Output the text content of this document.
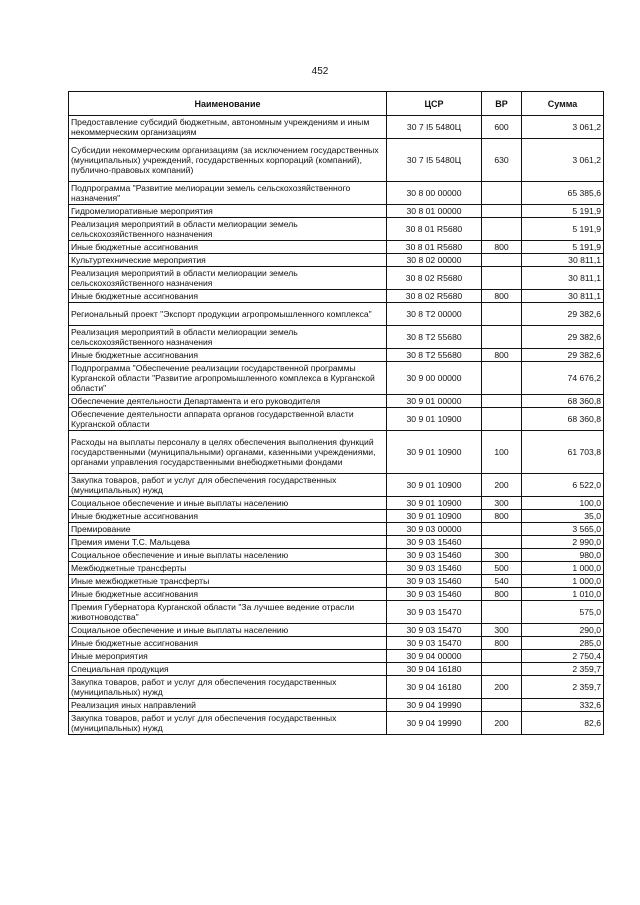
452
Наименование	ЦСР	ВР	Сумма
Предоставление субсидий бюджетным, автономным учреждениям и иным некоммерческим организациям	30 7 I5 5480Ц	600	3 061,2
Субсидии некоммерческим организациям (за исключением государственных (муниципальных) учреждений, государственных корпораций (компаний), публично-правовых компаний)	30 7 I5 5480Ц	630	3 061,2
Подпрограмма "Развитие мелиорации земель сельскохозяйственного назначения"	30 8 00 00000		65 385,6
Гидромелиоративные мероприятия	30 8 01 00000		5 191,9
Реализация мероприятий в области мелиорации земель сельскохозяйственного назначения	30 8 01 R5680		5 191,9
Иные бюджетные ассигнования	30 8 01 R5680	800	5 191,9
Культуртехнические мероприятия	30 8 02 00000		30 811,1
Реализация мероприятий в области мелиорации земель сельскохозяйственного назначения	30 8 02 R5680		30 811,1
Иные бюджетные ассигнования	30 8 02 R5680	800	30 811,1
Региональный проект "Экспорт продукции агропромышленного комплекса"	30 8 T2 00000		29 382,6
Реализация мероприятий в области мелиорации земель сельскохозяйственного назначения	30 8 T2 55680		29 382,6
Иные бюджетные ассигнования	30 8 T2 55680	800	29 382,6
Подпрограмма "Обеспечение реализации государственной программы Курганской области "Развитие агропромышленного комплекса в Курганской области"	30 9 00 00000		74 676,2
Обеспечение деятельности Департамента и его руководителя	30 9 01 00000		68 360,8
Обеспечение деятельности аппарата органов государственной власти Курганской области	30 9 01 10900		68 360,8
Расходы на выплаты персоналу в целях обеспечения выполнения функций государственными (муниципальными) органами, казенными учреждениями, органами управления государственными внебюджетными фондами	30 9 01 10900	100	61 703,8
Закупка товаров, работ и услуг для обеспечения государственных (муниципальных) нужд	30 9 01 10900	200	6 522,0
Социальное обеспечение и иные выплаты населению	30 9 01 10900	300	100,0
Иные бюджетные ассигнования	30 9 01 10900	800	35,0
Премирование	30 9 03 00000		3 565,0
Премия имени Т.С. Мальцева	30 9 03 15460		2 990,0
Социальное обеспечение и иные выплаты населению	30 9 03 15460	300	980,0
Межбюджетные трансферты	30 9 03 15460	500	1 000,0
Иные межбюджетные трансферты	30 9 03 15460	540	1 000,0
Иные бюджетные ассигнования	30 9 03 15460	800	1 010,0
Премия Губернатора Курганской области "За лучшее ведение отрасли животноводства"	30 9 03 15470		575,0
Социальное обеспечение и иные выплаты населению	30 9 03 15470	300	290,0
Иные бюджетные ассигнования	30 9 03 15470	800	285,0
Иные мероприятия	30 9 04 00000		2 750,4
Специальная продукция	30 9 04 16180		2 359,7
Закупка товаров, работ и услуг для обеспечения государственных (муниципальных) нужд	30 9 04 16180	200	2 359,7
Реализация иных направлений	30 9 04 19990		332,6
Закупка товаров, работ и услуг для обеспечения государственных (муниципальных) нужд	30 9 04 19990	200	82,6
